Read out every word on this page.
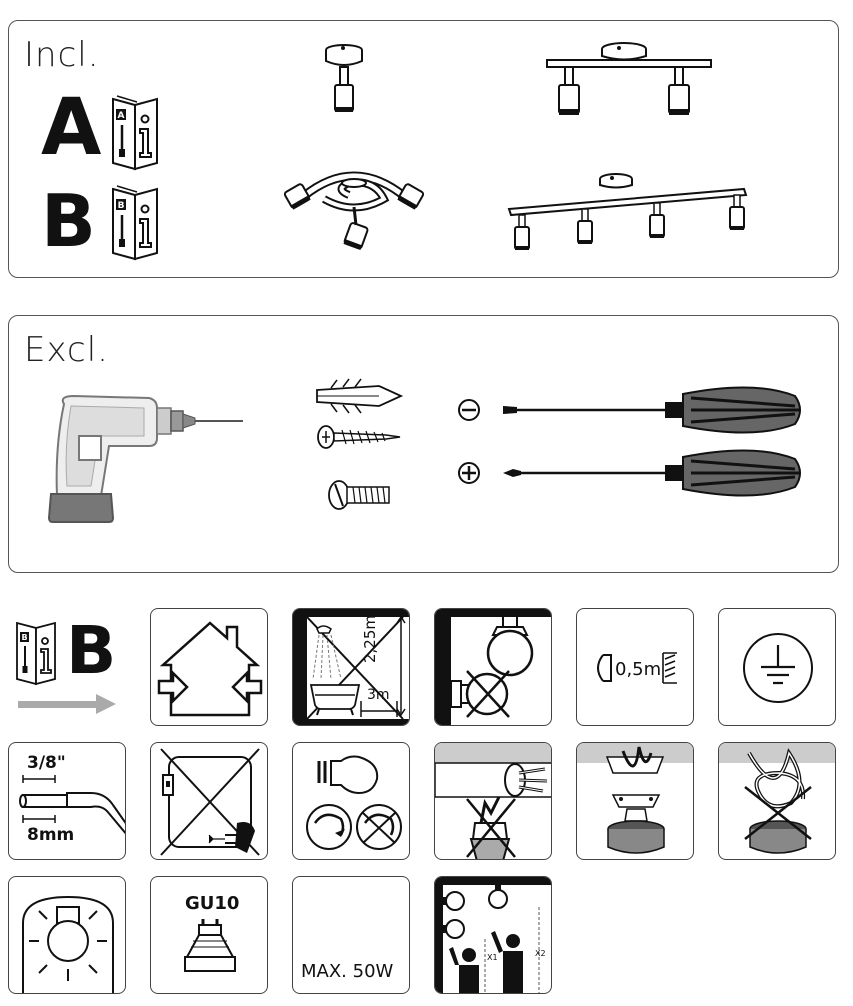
Incl.
A A
B B
Excl.
B B	2,25m
3m
0,5m
3/8"
8mm
GU10
MAX. 50W
X1	X2
